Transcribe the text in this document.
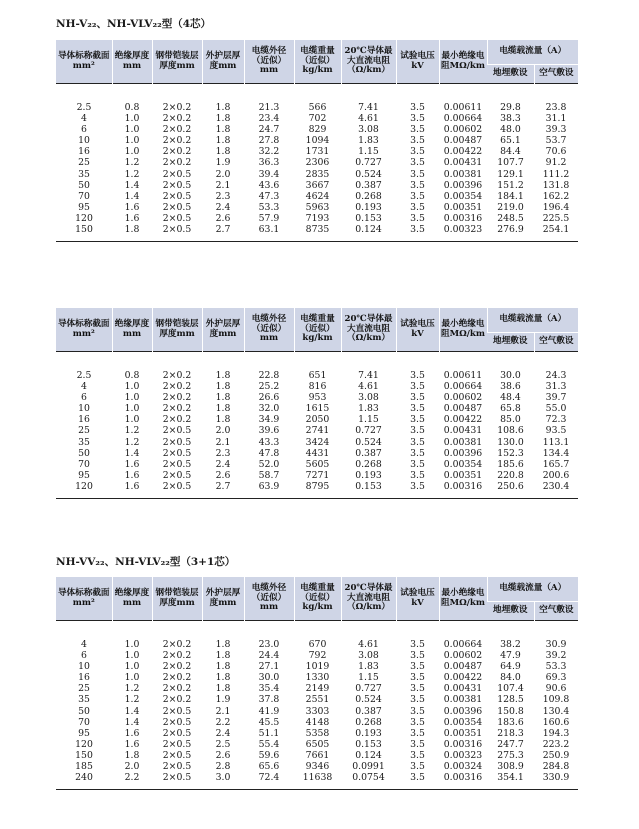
NH-V₂₂、NH-VLV₂₂型（4芯）
导体标称截面mm²	绝缘厚度mm	钢带铠装层厚度mm	外护层厚度mm	电缆外径（近似）mm	电缆重量（近似）kg/km	20℃导体最大直流电阻（Ω/km）	试验电压kV	最小绝缘电阻MΩ/km	电缆载流量（A）	
									地埋敷设	空气敷设

2.5	0.8	2×0.2	1.8	21.3	566	7.41	3.5	0.00611	29.8	23.8
4	1.0	2×0.2	1.8	23.4	702	4.61	3.5	0.00664	38.3	31.1
6	1.0	2×0.2	1.8	24.7	829	3.08	3.5	0.00602	48.0	39.3
10	1.0	2×0.2	1.8	27.8	1094	1.83	3.5	0.00487	65.1	53.7
16	1.0	2×0.2	1.8	32.2	1731	1.15	3.5	0.00422	84.4	70.6
25	1.2	2×0.2	1.9	36.3	2306	0.727	3.5	0.00431	107.7	91.2
35	1.2	2×0.5	2.0	39.4	2835	0.524	3.5	0.00381	129.1	111.2
50	1.4	2×0.5	2.1	43.6	3667	0.387	3.5	0.00396	151.2	131.8
70	1.4	2×0.5	2.3	47.3	4624	0.268	3.5	0.00354	184.1	162.2
95	1.6	2×0.5	2.4	53.3	5963	0.193	3.5	0.00351	219.0	196.4
120	1.6	2×0.5	2.6	57.9	7193	0.153	3.5	0.00316	248.5	225.5
150	1.8	2×0.5	2.7	63.1	8735	0.124	3.5	0.00323	276.9	254.1

导体标称截面mm²	绝缘厚度mm	钢带铠装层厚度mm	外护层厚度mm	电缆外径（近似）mm	电缆重量（近似）kg/km	20℃导体最大直流电阻（Ω/km）	试验电压kV	最小绝缘电阻MΩ/km	电缆载流量（A）	
									地埋敷设	空气敷设

2.5	0.8	2×0.2	1.8	22.8	651	7.41	3.5	0.00611	30.0	24.3
4	1.0	2×0.2	1.8	25.2	816	4.61	3.5	0.00664	38.6	31.3
6	1.0	2×0.2	1.8	26.6	953	3.08	3.5	0.00602	48.4	39.7
10	1.0	2×0.2	1.8	32.0	1615	1.83	3.5	0.00487	65.8	55.0
16	1.0	2×0.2	1.8	34.9	2050	1.15	3.5	0.00422	85.0	72.3
25	1.2	2×0.5	2.0	39.6	2741	0.727	3.5	0.00431	108.6	93.5
35	1.2	2×0.5	2.1	43.3	3424	0.524	3.5	0.00381	130.0	113.1
50	1.4	2×0.5	2.3	47.8	4431	0.387	3.5	0.00396	152.3	134.4
70	1.6	2×0.5	2.4	52.0	5605	0.268	3.5	0.00354	185.6	165.7
95	1.6	2×0.5	2.6	58.7	7271	0.193	3.5	0.00351	220.8	200.6
120	1.6	2×0.5	2.7	63.9	8795	0.153	3.5	0.00316	250.6	230.4

NH-VV₂₂、NH-VLV₂₂型（3+1芯）
导体标称截面mm²	绝缘厚度mm	钢带铠装层厚度mm	外护层厚度mm	电缆外径（近似）mm	电缆重量（近似）kg/km	20℃导体最大直流电阻（Ω/km）	试验电压kV	最小绝缘电阻MΩ/km	电缆载流量（A）	
									地埋敷设	空气敷设

4	1.0	2×0.2	1.8	23.0	670	4.61	3.5	0.00664	38.2	30.9
6	1.0	2×0.2	1.8	24.4	792	3.08	3.5	0.00602	47.9	39.2
10	1.0	2×0.2	1.8	27.1	1019	1.83	3.5	0.00487	64.9	53.3
16	1.0	2×0.2	1.8	30.0	1330	1.15	3.5	0.00422	84.0	69.3
25	1.2	2×0.2	1.8	35.4	2149	0.727	3.5	0.00431	107.4	90.6
35	1.2	2×0.2	1.9	37.8	2551	0.524	3.5	0.00381	128.5	109.8
50	1.4	2×0.5	2.1	41.9	3303	0.387	3.5	0.00396	150.8	130.4
70	1.4	2×0.5	2.2	45.5	4148	0.268	3.5	0.00354	183.6	160.6
95	1.6	2×0.5	2.4	51.1	5358	0.193	3.5	0.00351	218.3	194.3
120	1.6	2×0.5	2.5	55.4	6505	0.153	3.5	0.00316	247.7	223.2
150	1.8	2×0.5	2.6	59.6	7661	0.124	3.5	0.00323	275.3	250.9
185	2.0	2×0.5	2.8	65.6	9346	0.0991	3.5	0.00324	308.9	284.8
240	2.2	2×0.5	3.0	72.4	11638	0.0754	3.5	0.00316	354.1	330.9
